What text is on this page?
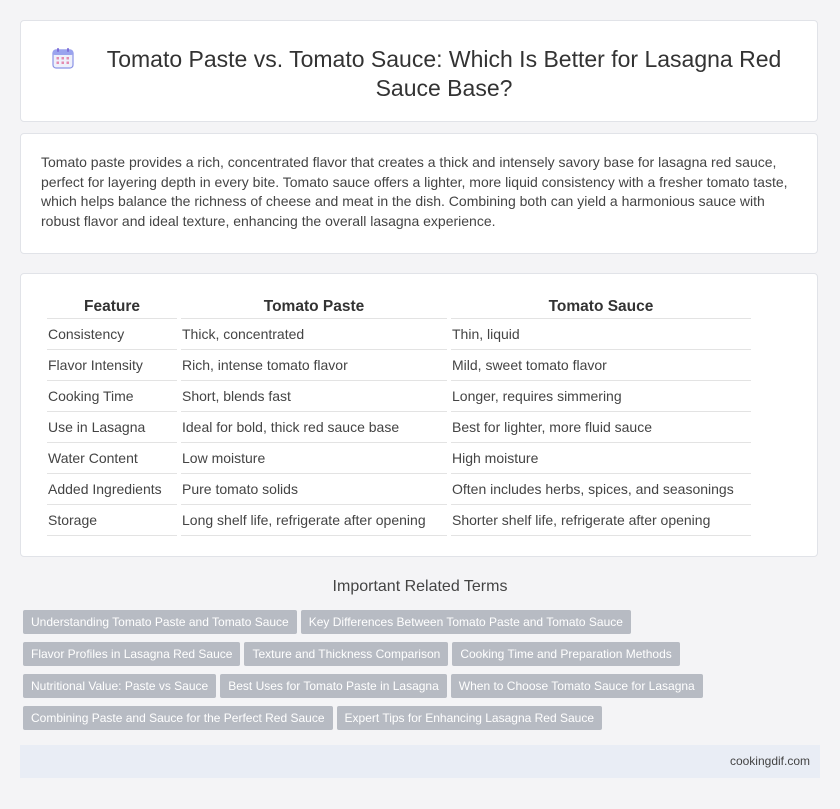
Tomato Paste vs. Tomato Sauce: Which Is Better for Lasagna Red Sauce Base?

Tomato paste provides a rich, concentrated flavor that creates a thick and intensely savory base for lasagna red sauce, perfect for layering depth in every bite. Tomato sauce offers a lighter, more liquid consistency with a fresher tomato taste, which helps balance the richness of cheese and meat in the dish. Combining both can yield a harmonious sauce with robust flavor and ideal texture, enhancing the overall lasagna experience.

Feature	Tomato Paste	Tomato Sauce
Consistency	Thick, concentrated	Thin, liquid
Flavor Intensity	Rich, intense tomato flavor	Mild, sweet tomato flavor
Cooking Time	Short, blends fast	Longer, requires simmering
Use in Lasagna	Ideal for bold, thick red sauce base	Best for lighter, more fluid sauce
Water Content	Low moisture	High moisture
Added Ingredients	Pure tomato solids	Often includes herbs, spices, and seasonings
Storage	Long shelf life, refrigerate after opening	Shorter shelf life, refrigerate after opening
Important Related Terms
Understanding Tomato Paste and Tomato Sauce Key Differences Between Tomato Paste and Tomato Sauce
Flavor Profiles in Lasagna Red Sauce Texture and Thickness Comparison Cooking Time and Preparation Methods
Nutritional Value: Paste vs Sauce Best Uses for Tomato Paste in Lasagna When to Choose Tomato Sauce for Lasagna
Combining Paste and Sauce for the Perfect Red Sauce Expert Tips for Enhancing Lasagna Red Sauce
cookingdif.com
